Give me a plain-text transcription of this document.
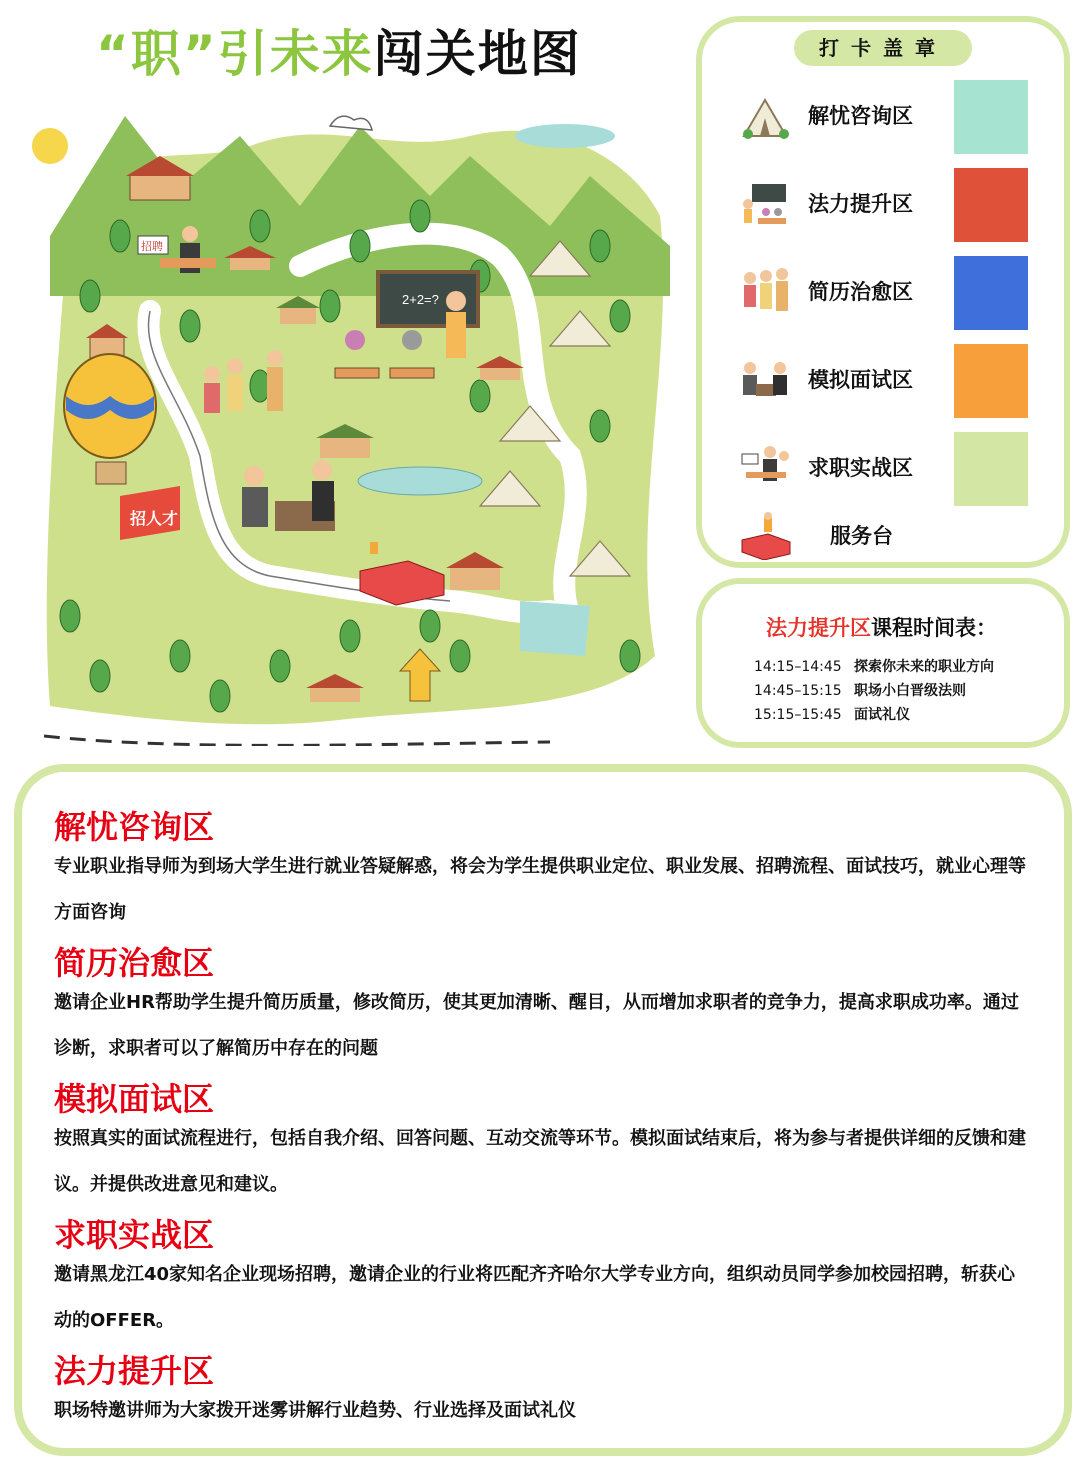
“职”引未来闯关地图
2+2=?
招聘
招人才
打卡盖章
解忧咨询区
法力提升区
简历治愈区
模拟面试区
求职实战区
服务台
法力提升区课程时间表：
14:15–14:45 探索你未来的职业方向
14:45–15:15 职场小白晋级法则
15:15–15:45 面试礼仪
解忧咨询区
专业职业指导师为到场大学生进行就业答疑解惑，将会为学生提供职业定位、职业发展、招聘流程、面试技巧，就业心理等方面咨询
简历治愈区
邀请企业HR帮助学生提升简历质量，修改简历，使其更加清晰、醒目，从而增加求职者的竞争力，提高求职成功率。通过诊断，求职者可以了解简历中存在的问题
模拟面试区
按照真实的面试流程进行，包括自我介绍、回答问题、互动交流等环节。模拟面试结束后，将为参与者提供详细的反馈和建议。并提供改进意见和建议。
求职实战区
邀请黑龙江40家知名企业现场招聘，邀请企业的行业将匹配齐齐哈尔大学专业方向，组织动员同学参加校园招聘，斩获心动的OFFER。
法力提升区
职场特邀讲师为大家拨开迷雾讲解行业趋势、行业选择及面试礼仪
